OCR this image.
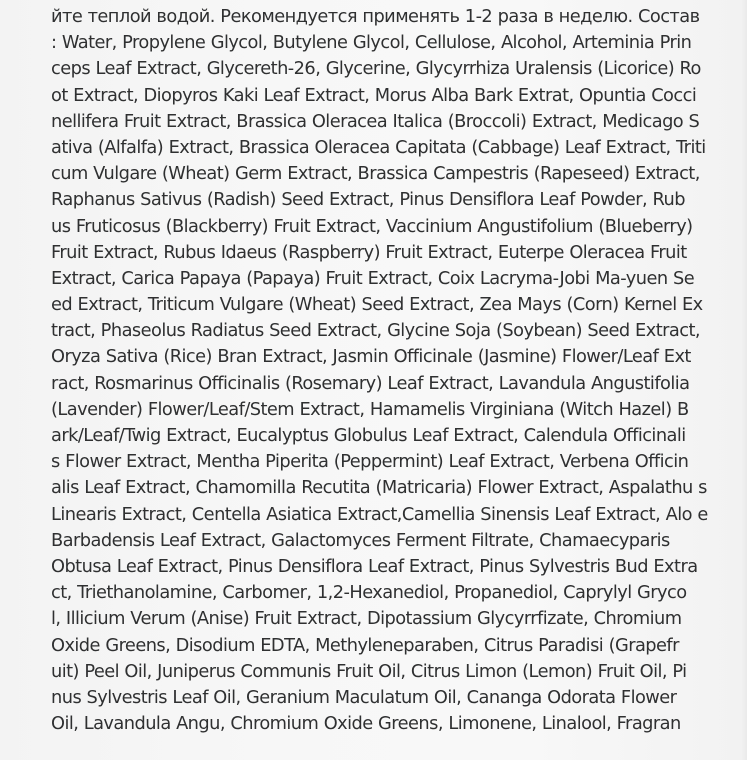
йте теплой водой. Рекомендуется применять 1-2 раза в неделю. Состав
: Water, Propylene Glycol, Butylene Glycol, Cellulose, Alcohol, Arteminia Prin
ceps Leaf Extract, Glycereth-26, Glycerine, Glycyrrhiza Uralensis (Licorice) Ro
ot Extract, Diopyros Kaki Leaf Extract, Morus Alba Bark Extrat, Opuntia Cocci
nellifera Fruit Extract, Brassica Oleracea Italica (Broccoli) Extract, Medicago S
ativa (Alfalfa) Extract, Brassica Oleracea Capitata (Cabbage) Leaf Extract, Triti
cum Vulgare (Wheat) Germ Extract, Brassica Campestris (Rapeseed) Extract,
Raphanus Sativus (Radish) Seed Extract, Pinus Densiflora Leaf Powder, Rub
us Fruticosus (Blackberry) Fruit Extract, Vaccinium Angustifolium (Blueberry)
Fruit Extract, Rubus Idaeus (Raspberry) Fruit Extract, Euterpe Oleracea Fruit
Extract, Carica Papaya (Papaya) Fruit Extract, Coix Lacryma-Jobi Ma-yuen Se
ed Extract, Triticum Vulgare (Wheat) Seed Extract, Zea Mays (Corn) Kernel Ex
tract, Phaseolus Radiatus Seed Extract, Glycine Soja (Soybean) Seed Extract,
Oryza Sativa (Rice) Bran Extract, Jasmin Officinale (Jasmine) Flower/Leaf Ext
ract, Rosmarinus Officinalis (Rosemary) Leaf Extract, Lavandula Angustifolia
(Lavender) Flower/Leaf/Stem Extract, Hamamelis Virginiana (Witch Hazel) B
ark/Leaf/Twig Extract, Eucalyptus Globulus Leaf Extract, Calendula Officinali
s Flower Extract, Mentha Piperita (Peppermint) Leaf Extract, Verbena Officin
alis Leaf Extract, Chamomilla Recutita (Matricaria) Flower Extract, Aspalathu s
Linearis Extract, Centella Asiatica Extract,Camellia Sinensis Leaf Extract, Alo e
Barbadensis Leaf Extract, Galactomyces Ferment Filtrate, Chamaecyparis
Obtusa Leaf Extract, Pinus Densiflora Leaf Extract, Pinus Sylvestris Bud Extra
ct, Triethanolamine, Carbomer, 1,2-Hexanediol, Propanediol, Caprylyl Gryco
l, Illicium Verum (Anise) Fruit Extract, Dipotassium Glycyrrfizate, Chromium
Oxide Greens, Disodium EDTA, Methyleneparaben, Citrus Paradisi (Grapefr
uit) Peel Oil, Juniperus Communis Fruit Oil, Citrus Limon (Lemon) Fruit Oil, Pi
nus Sylvestris Leaf Oil, Geranium Maculatum Oil, Cananga Odorata Flower
Oil, Lavandula Angu, Chromium Oxide Greens, Limonene, Linalool, Fragran
